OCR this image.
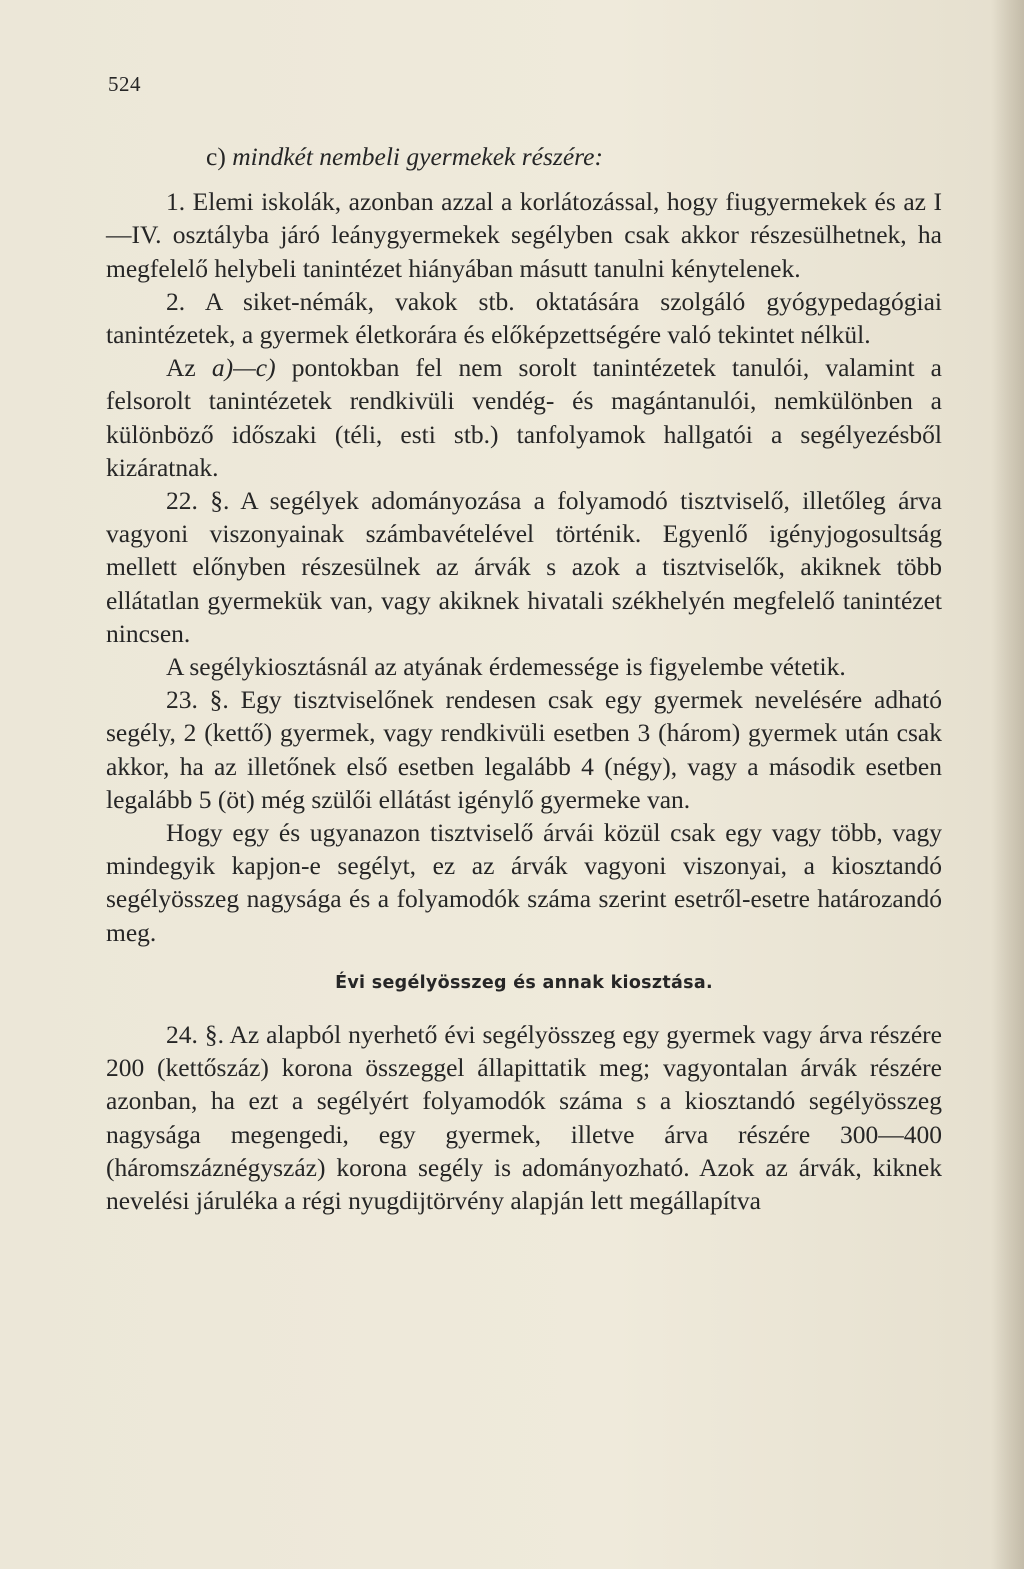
524

c) mindkét nembeli gyermekek részére:

1. Elemi iskolák, azonban azzal a korlátozással, hogy fiugyermekek és az I—IV. osztályba járó leánygyermekek segélyben csak akkor részesülhetnek, ha megfelelő helybeli tanintézet hiányában másutt tanulni kénytelenek.

2. A siket-némák, vakok stb. oktatására szolgáló gyógypedagógiai tanintézetek, a gyermek életkorára és előképzettségére való tekintet nélkül.

Az a)—c) pontokban fel nem sorolt tanintézetek tanulói, valamint a felsorolt tanintézetek rendkivüli vendég- és magántanulói, nemkülönben a különböző időszaki (téli, esti stb.) tanfolyamok hallgatói a segélyezésből kizáratnak.

22. §. A segélyek adományozása a folyamodó tisztviselő, illetőleg árva vagyoni viszonyainak számbavételével történik. Egyenlő igényjogosultság mellett előnyben részesülnek az árvák s azok a tisztviselők, akiknek több ellátatlan gyermekük van, vagy akiknek hivatali székhelyén megfelelő tanintézet nincsen.

A segélykiosztásnál az atyának érdemessége is figyelembe vétetik.

23. §. Egy tisztviselőnek rendesen csak egy gyermek nevelésére adható segély, 2 (kettő) gyermek, vagy rendkivüli esetben 3 (három) gyermek után csak akkor, ha az illetőnek első esetben legalább 4 (négy), vagy a második esetben legalább 5 (öt) még szülői ellátást igénylő gyermeke van.

Hogy egy és ugyanazon tisztviselő árvái közül csak egy vagy több, vagy mindegyik kapjon-e segélyt, ez az árvák vagyoni viszonyai, a kiosztandó segélyösszeg nagysága és a folyamodók száma szerint esetről-esetre határozandó meg.

Évi segélyösszeg és annak kiosztása.

24. §. Az alapból nyerhető évi segélyösszeg egy gyermek vagy árva részére 200 (kettőszáz) korona összeggel állapittatik meg; vagyontalan árvák részére azonban, ha ezt a segélyért folyamodók száma s a kiosztandó segélyösszeg nagysága megengedi, egy gyermek, illetve árva részére 300—400 (háromszáznégyszáz) korona segély is adományozható. Azok az árvák, kiknek nevelési járuléka a régi nyugdijtörvény alapján lett megállapítva
